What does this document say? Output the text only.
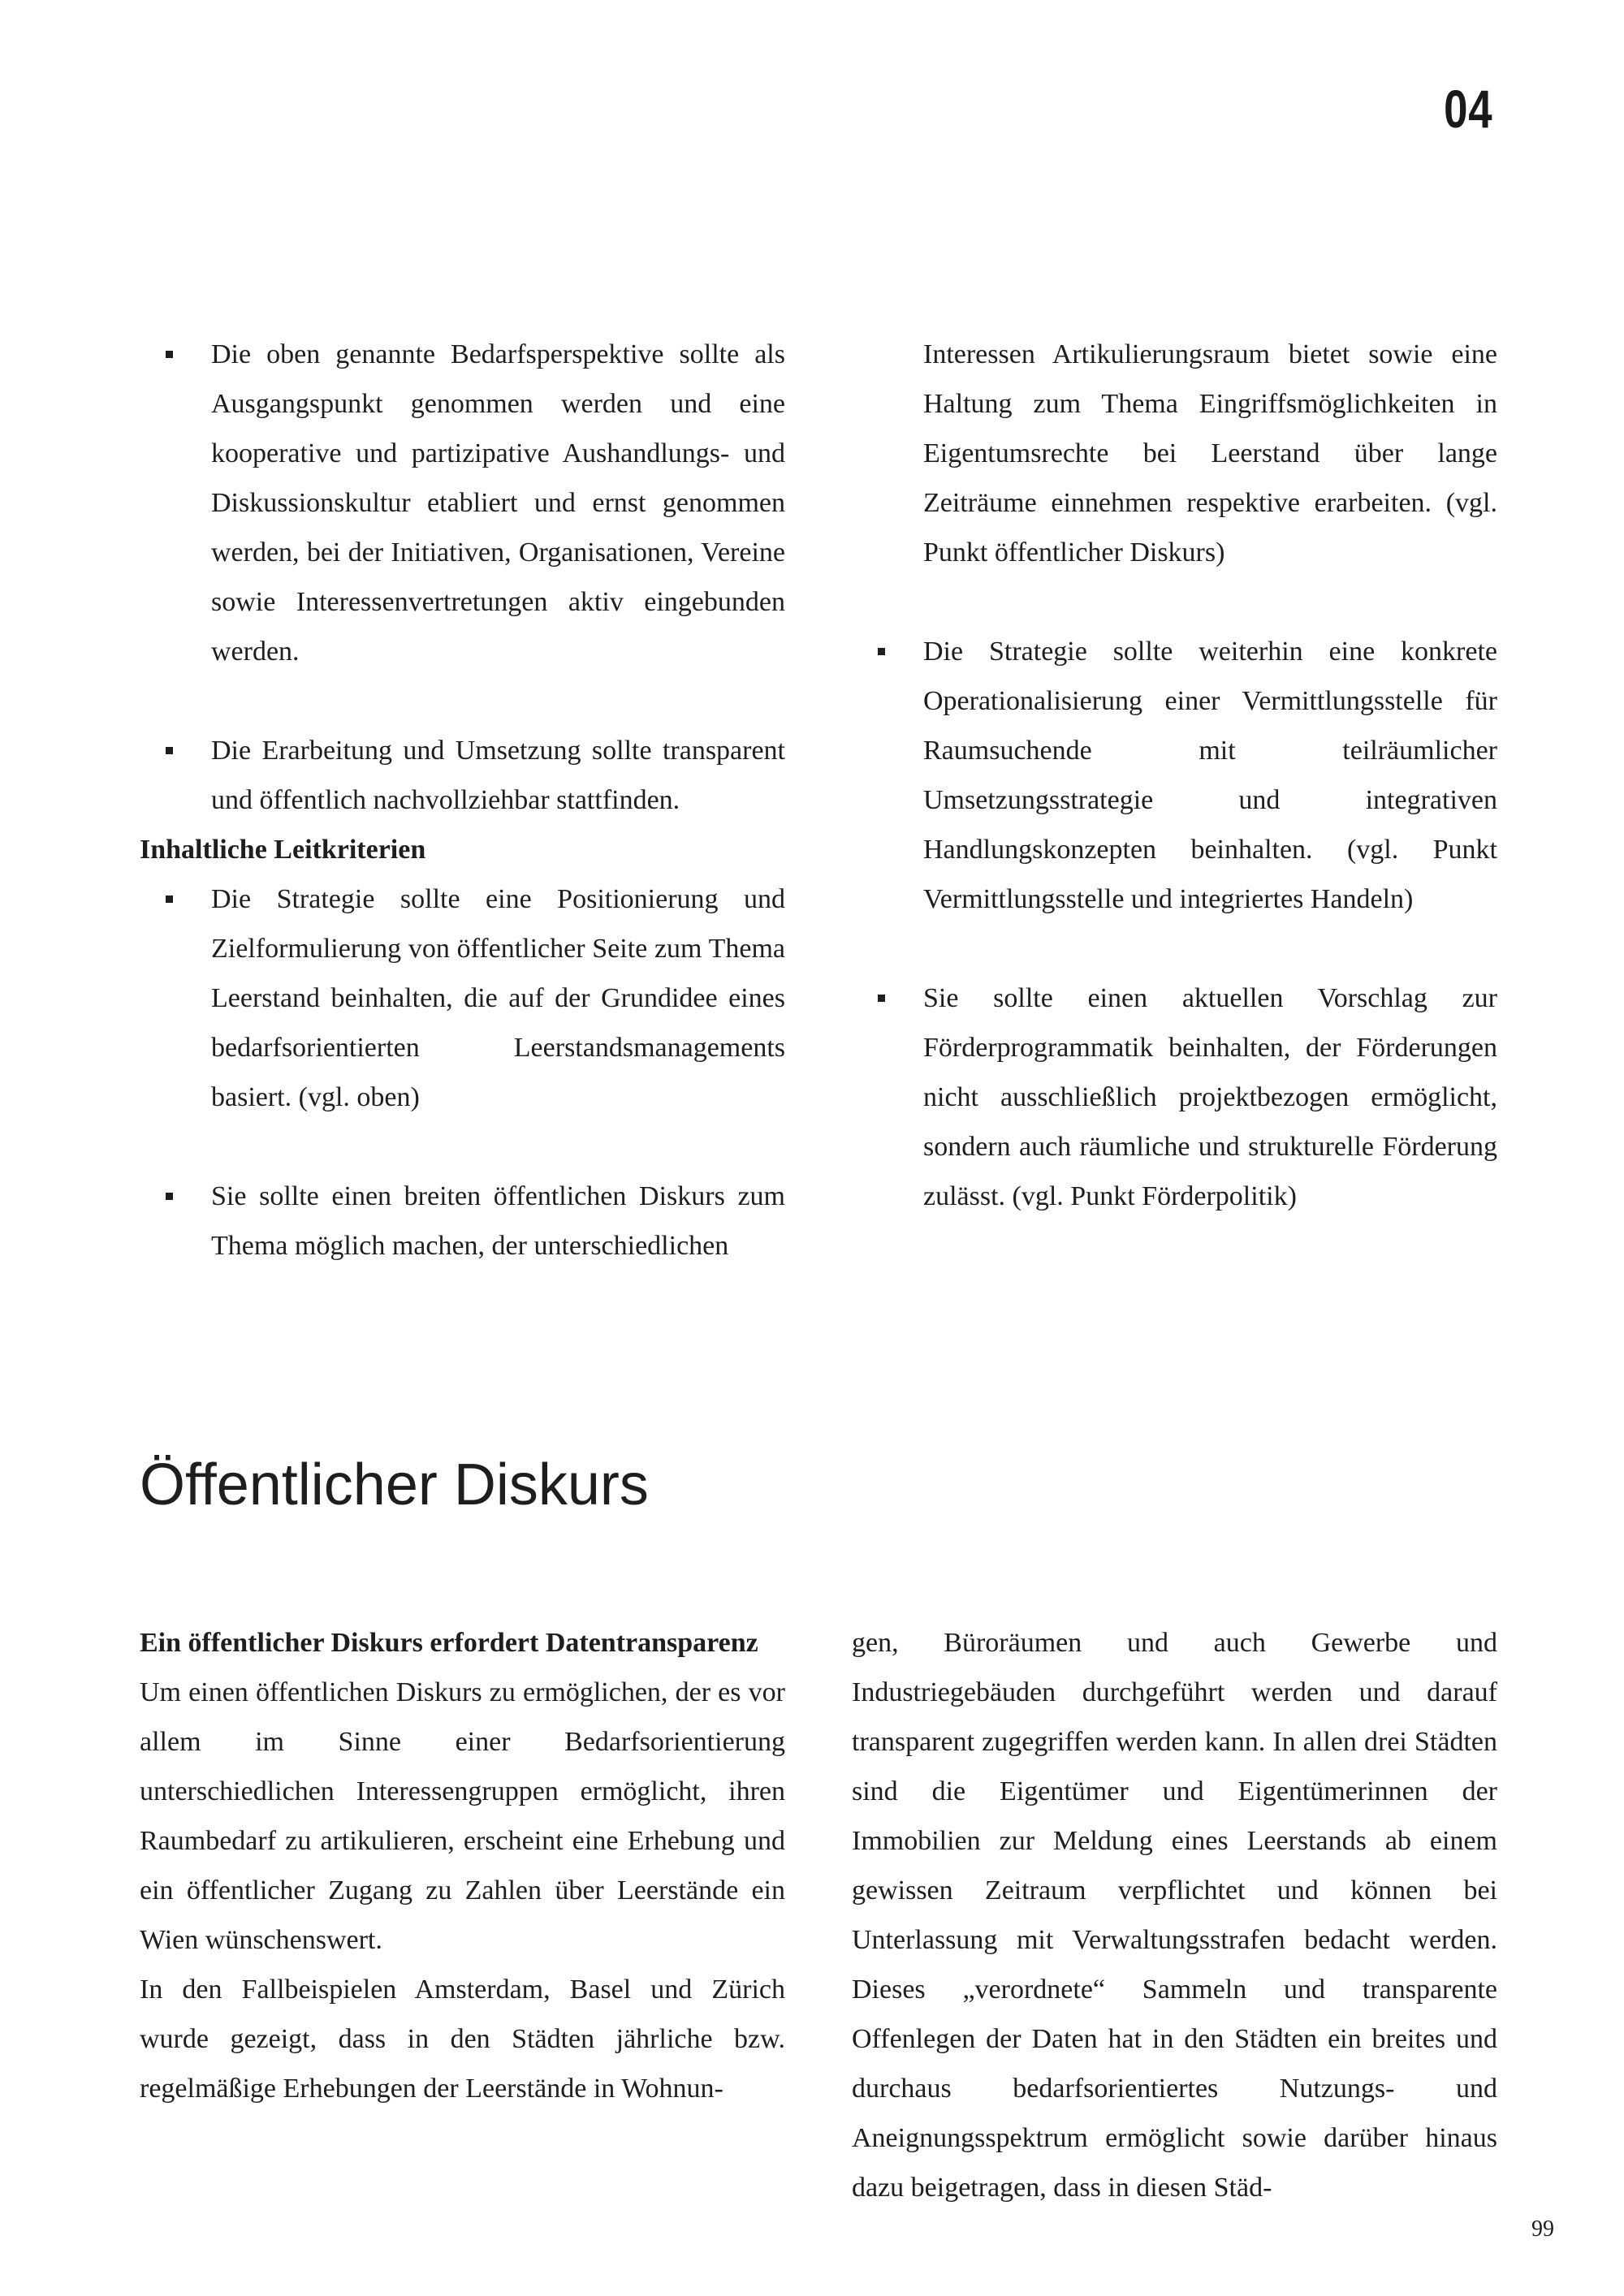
04
Die oben genannte Bedarfsperspektive sollte als Ausgangspunkt genommen werden und eine kooperative und partizipative Aushandlungs- und Diskussionskultur etabliert und ernst genommen werden, bei der Initiativen, Organisationen, Vereine sowie Interessenvertretungen aktiv eingebunden werden.
Die Erarbeitung und Umsetzung sollte transparent und öffentlich nachvollziehbar stattfinden.
Inhaltliche Leitkriterien
Die Strategie sollte eine Positionierung und Zielformulierung von öffentlicher Seite zum Thema Leerstand beinhalten, die auf der Grundidee eines bedarfsorientierten Leerstandsmanagements basiert. (vgl. oben)
Sie sollte einen breiten öffentlichen Diskurs zum Thema möglich machen, der unterschiedlichen

Interessen Artikulierungsraum bietet sowie eine Haltung zum Thema Eingriffsmöglichkeiten in Eigentumsrechte bei Leerstand über lange Zeiträume einnehmen respektive erarbeiten. (vgl. Punkt öffentlicher Diskurs)

Die Strategie sollte weiterhin eine konkrete Operationalisierung einer Vermittlungsstelle für Raumsuchende mit teilräumlicher Umsetzungsstrategie und integrativen Handlungskonzepten beinhalten. (vgl. Punkt Vermittlungsstelle und integriertes Handeln)
Sie sollte einen aktuellen Vorschlag zur Förderprogrammatik beinhalten, der Förderungen nicht ausschließlich projektbezogen ermöglicht, sondern auch räumliche und strukturelle Förderung zulässt. (vgl. Punkt Förderpolitik)
Öffentlicher Diskurs
Ein öffentlicher Diskurs erfordert Datentransparenz

Um einen öffentlichen Diskurs zu ermöglichen, der es vor allem im Sinne einer Bedarfsorientierung unterschiedlichen Interessengruppen ermöglicht, ihren Raumbedarf zu artikulieren, erscheint eine Erhebung und ein öffentlicher Zugang zu Zahlen über Leerstände ein Wien wünschenswert.

In den Fallbeispielen Amsterdam, Basel und Zürich wurde gezeigt, dass in den Städten jährliche bzw. regelmäßige Erhebungen der Leerstände in Wohnun-

gen, Büroräumen und auch Gewerbe und Industriegebäuden durchgeführt werden und darauf transparent zugegriffen werden kann. In allen drei Städten sind die Eigentümer und Eigentümerinnen der Immobilien zur Meldung eines Leerstands ab einem gewissen Zeitraum verpflichtet und können bei Unterlassung mit Verwaltungsstrafen bedacht werden. Dieses „verordnete“ Sammeln und transparente Offenlegen der Daten hat in den Städten ein breites und durchaus bedarfsorientiertes Nutzungs- und Aneignungsspektrum ermöglicht sowie darüber hinaus dazu beigetragen, dass in diesen Städ-

99
